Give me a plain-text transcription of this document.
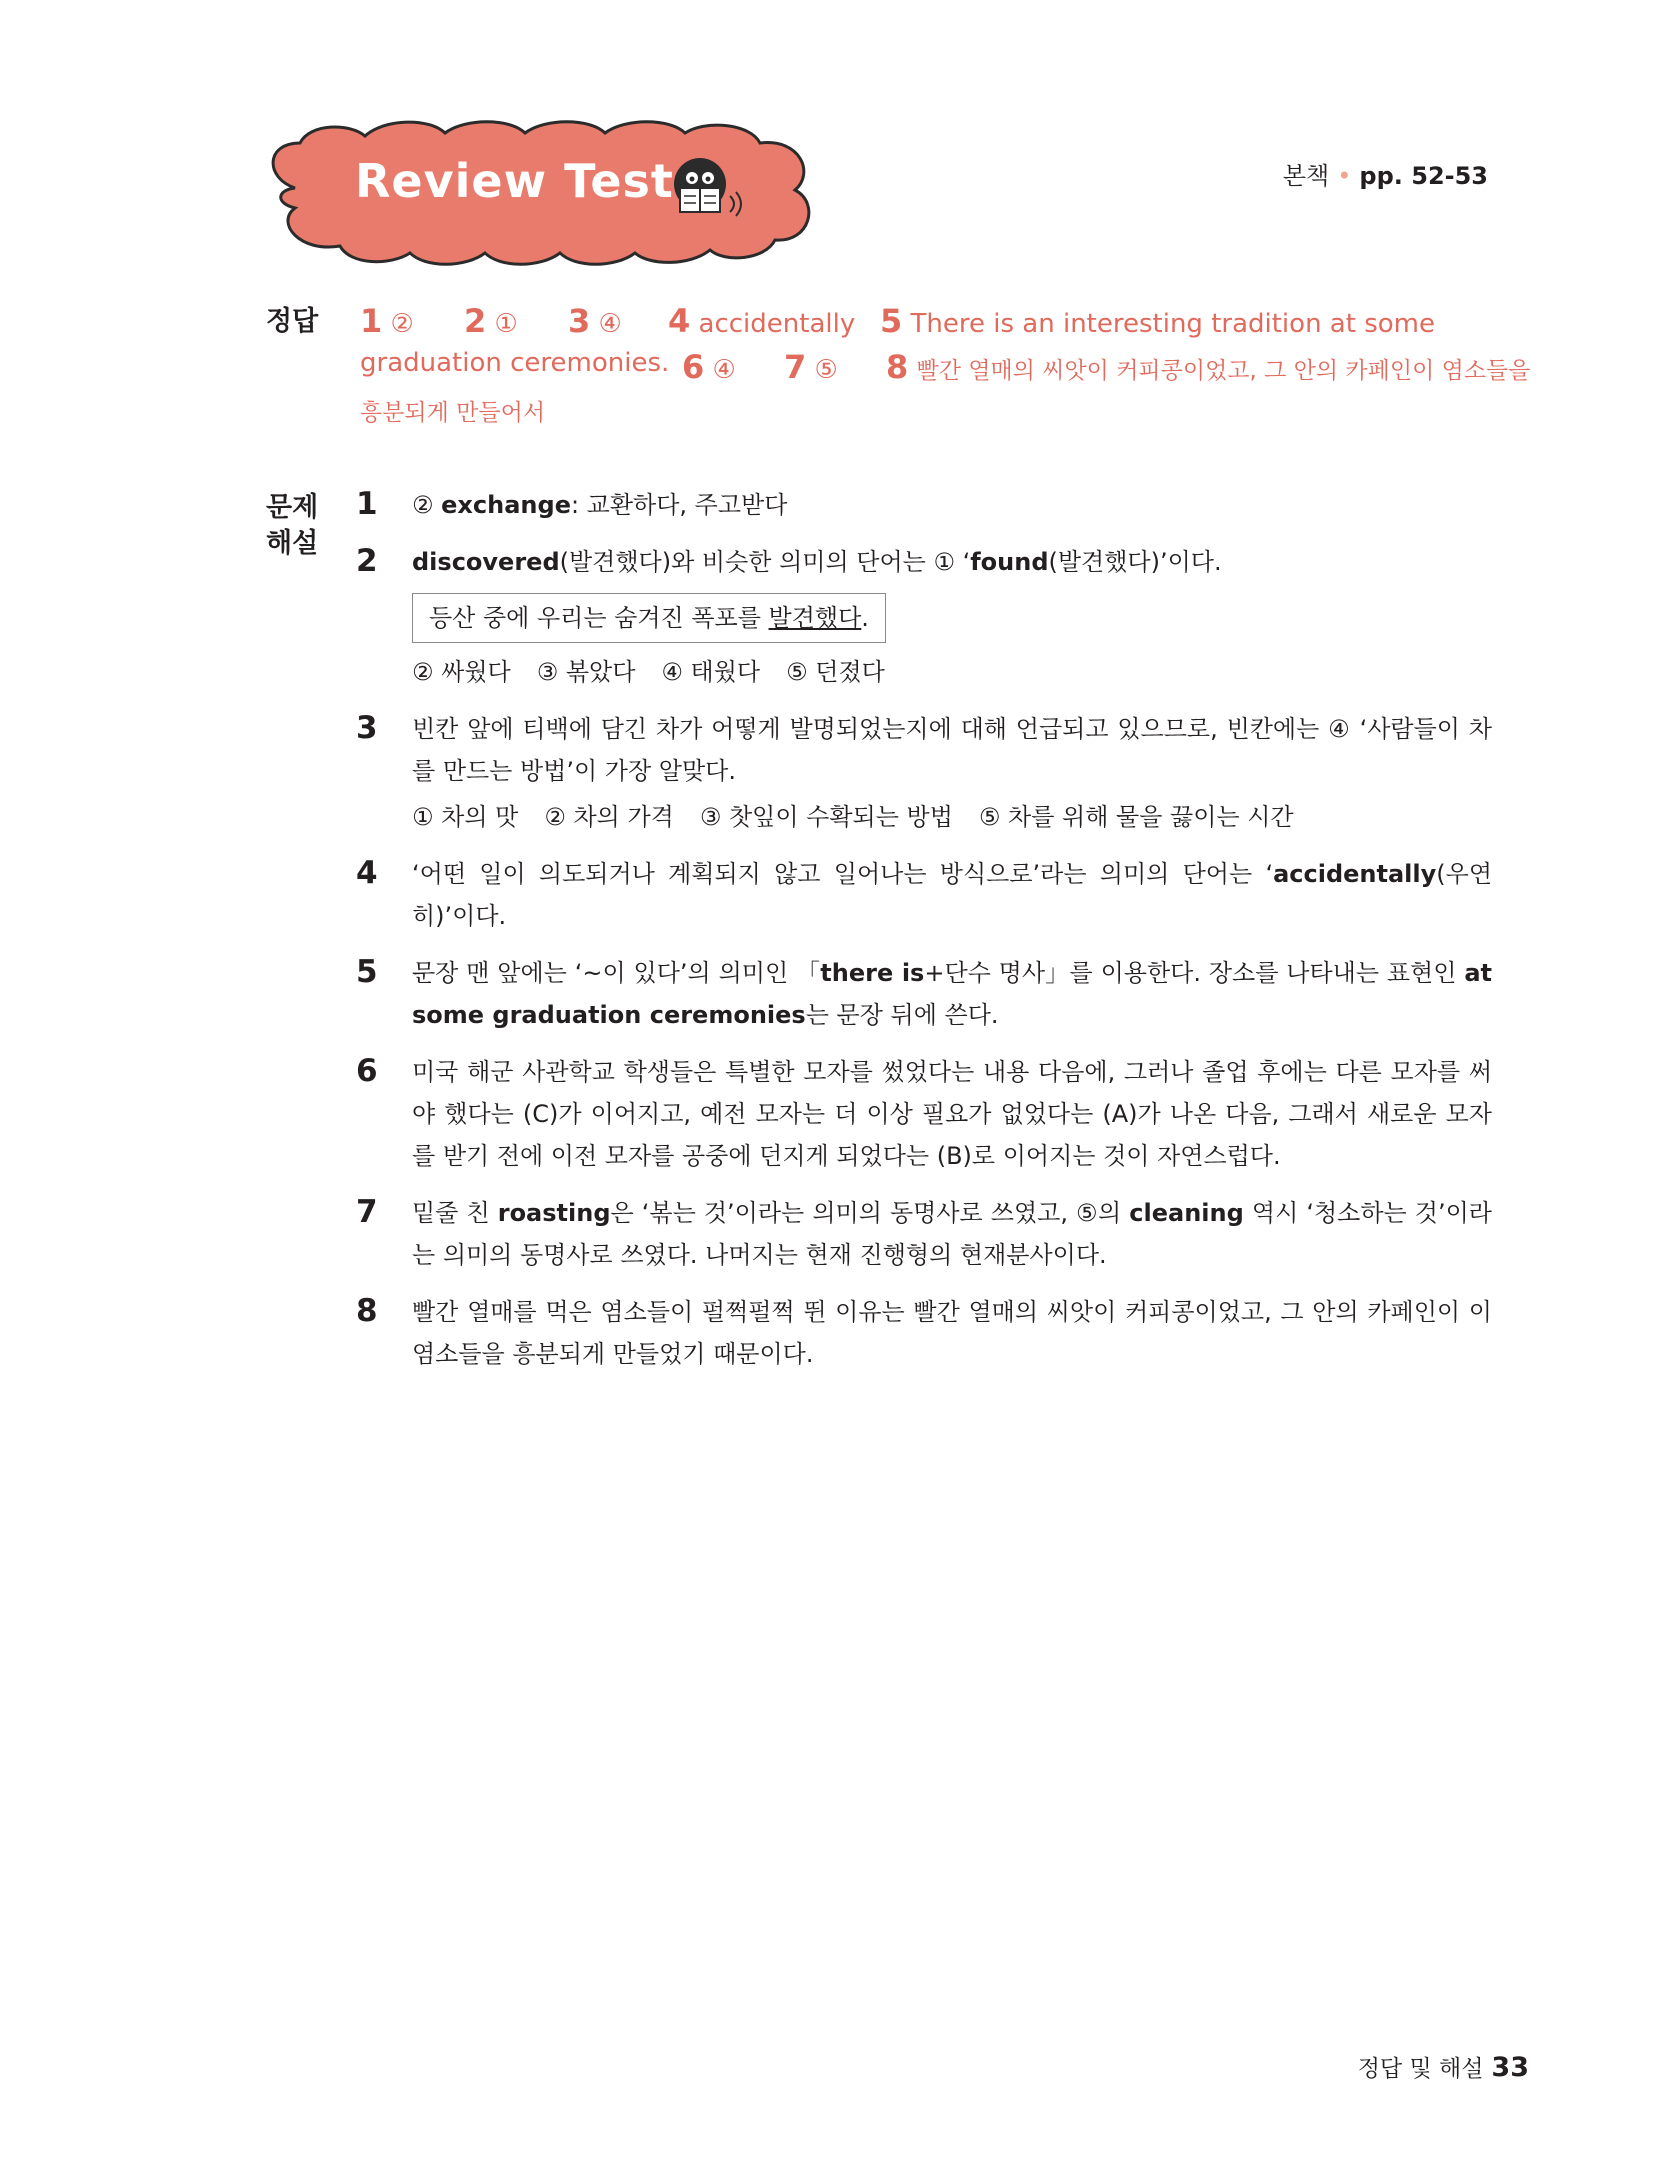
Review Test	본책 • pp. 52-53
정답 1 ② 2 ① 3 ④ 4 accidentally 5 There is an interesting tradition at some
graduation ceremonies. 6 ④ 7 ⑤ 8 빨간 열매의 씨앗이 커피콩이었고, 그 안의 카페인이 염소들을
흥분되게 만들어서
문제
해설
1 ② exchange: 교환하다, 주고받다

2 discovered(발견했다)와 비슷한 의미의 단어는 ① ‘found(발견했다)’이다.

등산 중에 우리는 숨겨진 폭포를 발견했다.
② 싸웠다 ③ 볶았다 ④ 태웠다 ⑤ 던졌다
3 빈칸 앞에 티백에 담긴 차가 어떻게 발명되었는지에 대해 언급되고 있으므로, 빈칸에는 ④ ‘사람들이 차를 만드는 방법’이 가장 알맞다.

① 차의 맛 ② 차의 가격 ③ 찻잎이 수확되는 방법 ⑤ 차를 위해 물을 끓이는 시간
4 ‘어떤 일이 의도되거나 계획되지 않고 일어나는 방식으로’라는 의미의 단어는 ‘accidentally(우연히)’이다.

5 문장 맨 앞에는 ‘~이 있다’의 의미인 「there is+단수 명사」를 이용한다. 장소를 나타내는 표현인 at some graduation ceremonies는 문장 뒤에 쓴다.

6 미국 해군 사관학교 학생들은 특별한 모자를 썼었다는 내용 다음에, 그러나 졸업 후에는 다른 모자를 써야 했다는 (C)가 이어지고, 예전 모자는 더 이상 필요가 없었다는 (A)가 나온 다음, 그래서 새로운 모자를 받기 전에 이전 모자를 공중에 던지게 되었다는 (B)로 이어지는 것이 자연스럽다.

7 밑줄 친 roasting은 ‘볶는 것’이라는 의미의 동명사로 쓰였고, ⑤의 cleaning 역시 ‘청소하는 것’이라는 의미의 동명사로 쓰였다. 나머지는 현재 진행형의 현재분사이다.

8 빨간 열매를 먹은 염소들이 펄쩍펄쩍 뛴 이유는 빨간 열매의 씨앗이 커피콩이었고, 그 안의 카페인이 이 염소들을 흥분되게 만들었기 때문이다.

정답 및 해설 33
